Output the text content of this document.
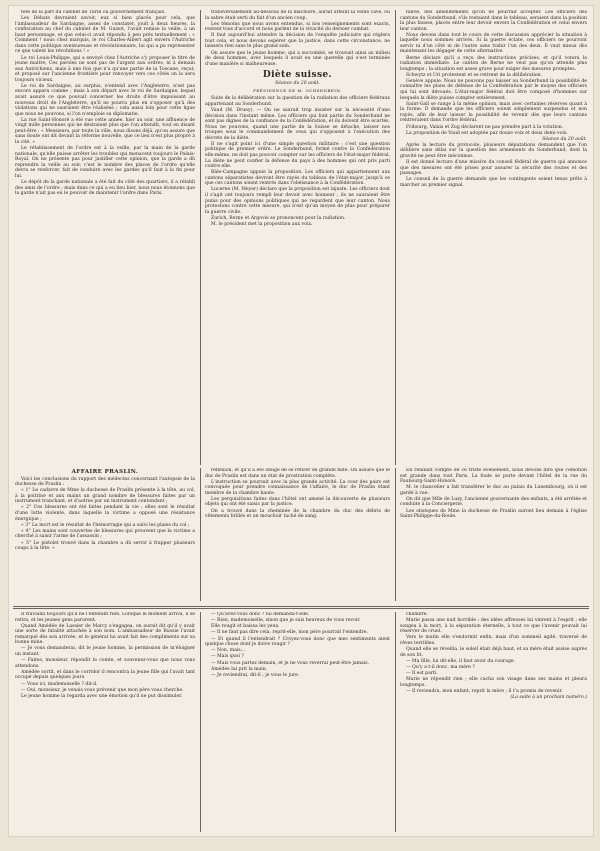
tête de la part du cabinet de Turin ou gouvernement français.

Les Débats devraient savoir, eux si bien placés pour cela, que l'ambassadeur de Sardaigne, assez de constater, jouit à deux heures, la confiscation au chef du cabinet de M. Guizot, l'avait remise la veille, à un haut personnage, et que celui-ci avait répondu à peu près textuellement : « Comment ! nous chez marquis, le roi Charles-Albert agit envers l'Autriche dans cette politique aventureuse et révolutionnaire, lui qui a pu représenter ce que valent les révolutions ! »

Le roi Louis-Philippe, qui a envoyé chez l'Autriche s'y proposer le titre de jeune maître, Ces paroles ne sont pas de l'argent aux ordres, ni à demain aux Autrichiens, mais à une fois que n'a qu'une partie de la Toscane, reçut, et proposé sur l'ancienne frontière pour renvoyer vers ces côtés on la sera toujours vicieux.

Le roi de Sardaigne, au surplus, n'entend avec l'Angleterre, n'est pas encore apparu comme ; mais à son départ avec le roi de Sardaigne, lequel avait assuré ce que pouvait concerner les droits d'être impuissant au nouveau droit de l'Angleterre, qu'il ne pourra plus en s'opposer qu'à des violations qui ne sauraient être réalisées ; cela aussi loin pour cette ligue que nous ne pouvons, si l'on n'emploie sa diplomatie.

La rue Saint-Honoré a été vue cette année, hier au soir, une affluence de vingt mille personnes qui ne désiraient plus que l'on attendît, tout en disant peut-être : « Messieurs, par toute la ville, nous disons déjà, qu'on assure que sans doute ont dit devant la réforme nouvelle, que ce lieu n'est plus propre à la cité. »

Le rétablissement de l'ordre est à la veille, par la main de la garde nationale, qu'elle puisse arrêter les troubles qui menacent toujours le Palais-Royal. On ne présente pas pour justifier cette opinion, que la garde a dû reprendre la veille au soir, c'est le nombre des places de l'ordre qu'elle devra se renforcer, fait de conduire avec les gardes qu'il faut à la fin pour lui.

Le dépôt de la garde nationale a été fait du côté des quartiers, il a rétabli des amis de l'ordre ; mais dans ce qui a eu lieu hier, nous nous étonnons que la garde n'ait pas eu le pouvoir de maintenir l'ordre dans Paris.

transversalement au-dessous de la mâchoire, aurait atteint la veine cave, où la sabre était serti du fait d'un ancien coup.

Les témoins que nous avons entendus, si nos renseignements sont exacts, restent tous d'accord et nous parlent de la vivacité du dernier combat.

Il faut aujourd'hui attendre la décision de l'enquête judiciaire qui réglera tout cela, et nous devons espérer que la justice, dans cette circonstance, ne laissera rien sans le plus grand soin.

On assure que le jeune homme, qui a succombé, se trouvait ainsi au milieu de deux hommes, avec lesquels il avait eu une querelle qui s'est terminée d'une manière si malheureuse.

Diète suisse.
Séance du 20 août.
PRÉSIDENCE DE M. OCHSENBEIN.

Suite de la délibération sur la question de la radiation des officiers fédéraux appartenant au Sonderbund.

Vaud (M. Druey). — On ne saurait trop insister sur la nécessité d'une décision dans l'instant même. Les officiers qui font partie du Sonderbund ne sont pas dignes de la confiance de la Confédération, et ils doivent être écartés. Nous ne pouvons, quand une partie de la Suisse se détache, laisser nos troupes sous le commandement de ceux qui s'opposent à l'exécution des décrets de la diète.

Il ne s'agit point ici d'une simple question militaire ; c'est une question politique de premier ordre. Le Sonderbund, formé contre la Confédération elle-même, ne doit pas pouvoir compter sur les officiers de l'état-major fédéral. La diète ne peut confier la défense du pays à des hommes qui ont pris parti contre elle.

Bâle-Campagne appuie la proposition. Les officiers qui appartiennent aux cantons séparatistes devront être rayés du tableau de l'état-major, jusqu'à ce que ces cantons soient rentrés dans l'obéissance à la Confédération.

Lucerne (M. Meyer) déclare que la proposition est injuste. Les officiers dont il s'agit ont toujours rempli leur devoir avec honneur ; ils ne sauraient être punis pour des opinions politiques qui ne regardent que leur canton. Nous protestons contre cette mesure, qui n'est qu'un moyen de plus pour préparer la guerre civile.

Zurich, Berne et Argovie se prononcent pour la radiation.

M. le président met la proposition aux voix.

taires, des amendements qu'on ne pourrait accepter. Les officiers des cantons du Sonderbund, s'ils restaient dans le tableau, seraient dans la position la plus fausse, placés entre leur devoir envers la Confédération et celui envers leur canton.

Nous devons dans tout le cours de cette discussion apprécier la situation à laquelle nous sommes arrivés. Si la guerre éclate, ces officiers ne pourront servir ni d'un côté ni de l'autre sans trahir l'un des deux. Il vaut mieux dès maintenant les dégager de cette alternative.

Berne déclare qu'il a reçu des instructions précises, et qu'il votera la radiation immédiate. Le canton de Berne ne veut pas qu'on attende plus longtemps ; la situation est assez grave pour exiger des mesures promptes.

Schwytz et Uri protestent et se retirent de la délibération.

Genève appuie. Nous ne pouvons pas laisser au Sonderbund la possibilité de connaître les plans de défense de la Confédération par le moyen des officiers qui lui sont dévoués. L'état-major fédéral doit être composé d'hommes sur lesquels la diète puisse compter entièrement.

Saint-Gall se range à la même opinion, mais avec certaines réserves quant à la forme. Il demande que les officiers soient simplement suspendus et non rayés, afin de leur laisser la possibilité de revenir dès que leurs cantons rentreraient dans l'ordre fédéral.

Fribourg, Valais et Zug déclarent ne pas prendre part à la votation.

La proposition de Vaud est adoptée par douze voix et deux demi-voix.

Séance du 20 août.

Après la lecture du protocole, plusieurs députations demandent que l'on délibère sans délai sur la question des armements du Sonderbund, dont la gravité ne peut être méconnue.

Il est donné lecture d'une missive du conseil fédéral de guerre qui annonce que des mesures ont été prises pour assurer la sécurité des routes et des passages.

Le conseil de la guerre demande que les contingents soient tenus prêts à marcher au premier signal.

AFFAIRE PRASLIN.

Voici les conclusions du rapport des médecins concernant l'autopsie de la duchesse de Praslin :

« 1° Le cadavre de Mme la duchesse de Praslin présente à la tête, au col, à la poitrine et aux mains un grand nombre de blessures faites par un instrument tranchant, et d'autres par un instrument contondant ;

« 2° Ces blessures ont été faites pendant la vie ; elles sont le résultat d'une lutte violente, dans laquelle la victime a opposé une résistance énergique ;

« 3° La mort est le résultat de l'hémorragie qui a suivi les plaies du col ;

« 4° Les mains sont couvertes de blessures qui prouvent que la victime a cherché à saisir l'arme de l'assassin ;

« 5° Le pistolet trouvé dans la chambre a dû servir à frapper plusieurs coups à la tête. »

réflexion, et qu'il a été obligé de se retirer en grande hâte. On assure que le duc de Praslin est dans un état de prostration complète.

L'instruction se poursuit avec la plus grande activité. La cour des pairs est convoquée pour prendre connaissance de l'affaire, le duc de Praslin étant membre de la chambre haute.

Les perquisitions faites dans l'hôtel ont amené la découverte de plusieurs objets qui ont été saisis par la justice.

On a trouvé dans la cheminée de la chambre du duc des débris de vêtements brûlés et un mouchoir taché de sang.

En rendant compte de ce triste événement, nous devons dire que l'émotion est grande dans tout Paris. La foule se porte devant l'hôtel de la rue du Faubourg-Saint-Honoré.

M. le chancelier a fait transférer le duc au palais du Luxembourg, où il est gardé à vue.

On dit que Mlle de Luzy, l'ancienne gouvernante des enfants, a été arrêtée et conduite à la Conciergerie.

Les obsèques de Mme la duchesse de Praslin auront lieu demain à l'église Saint-Philippe-du-Roule.

Il travailla toujours qu'il ne l'entendit rien. Lorsque le moment arriva, il se retira, et les jeunes gens parurent.

Quand Amédée de Lassier de Marcy s'engagea, on aurait dit qu'il y avait une sorte de fatalité attachée à son nom. L'ambassadeur de Russie l'avait remarqué dès son arrivée, et le général lui avait fait des compliments sur sa bonne mine.

— Je vous demanderai, dit le jeune homme, la permission de m'éloigner un instant.

— Faites, monsieur, répondit le comte, et souvenez-vous que nous vous attendons.

Amédée sortit, et dans le corridor il rencontra la jeune fille qui l'avait tant occupé depuis quelques jours.

— Vous ici, mademoiselle ? dit-il.

— Oui, monsieur, je venais vous prévenir que mon père vous cherche.

Le jeune homme la regarda avec une émotion qu'il ne put dissimuler.

— Qu'avez-vous donc ? lui demanda-t-elle.

— Rien, mademoiselle, sinon que je suis heureux de vous revoir.

Elle rougit et baissa les yeux.

— Il ne faut pas dire cela, reprit-elle, mon père pourrait l'entendre.

— Et quand il l'entendrait ? Croyez-vous donc que mes sentiments aient quelque chose dont je doive rougir ?

— Non, mais...

— Mais quoi ?

— Mais vous partez demain, et je ne vous reverrai peut-être jamais.

Amédée lui prit la main.

— Je reviendrai, dit-il ; je vous le jure.

chambre.

Marie passa une nuit horrible : des idées affreuses lui vinrent à l'esprit ; elle songea à la mort, à la séparation éternelle, à tout ce que l'avenir pouvait lui réserver de cruel.

Vers le matin elle s'endormit enfin, mais d'un sommeil agité, traversé de rêves terribles.

Quand elle se réveilla, le soleil était déjà haut, et sa mère était assise auprès de son lit.

— Ma fille, lui dit-elle, il faut avoir du courage.

— Qu'y a-t-il donc, ma mère ?

— Il est parti.

Marie ne répondit rien ; elle cacha son visage dans ses mains et pleura longtemps.

— Il reviendra, mon enfant, reprit la mère ; il t'a promis de revenir.

(La suite à un prochain numéro.)
